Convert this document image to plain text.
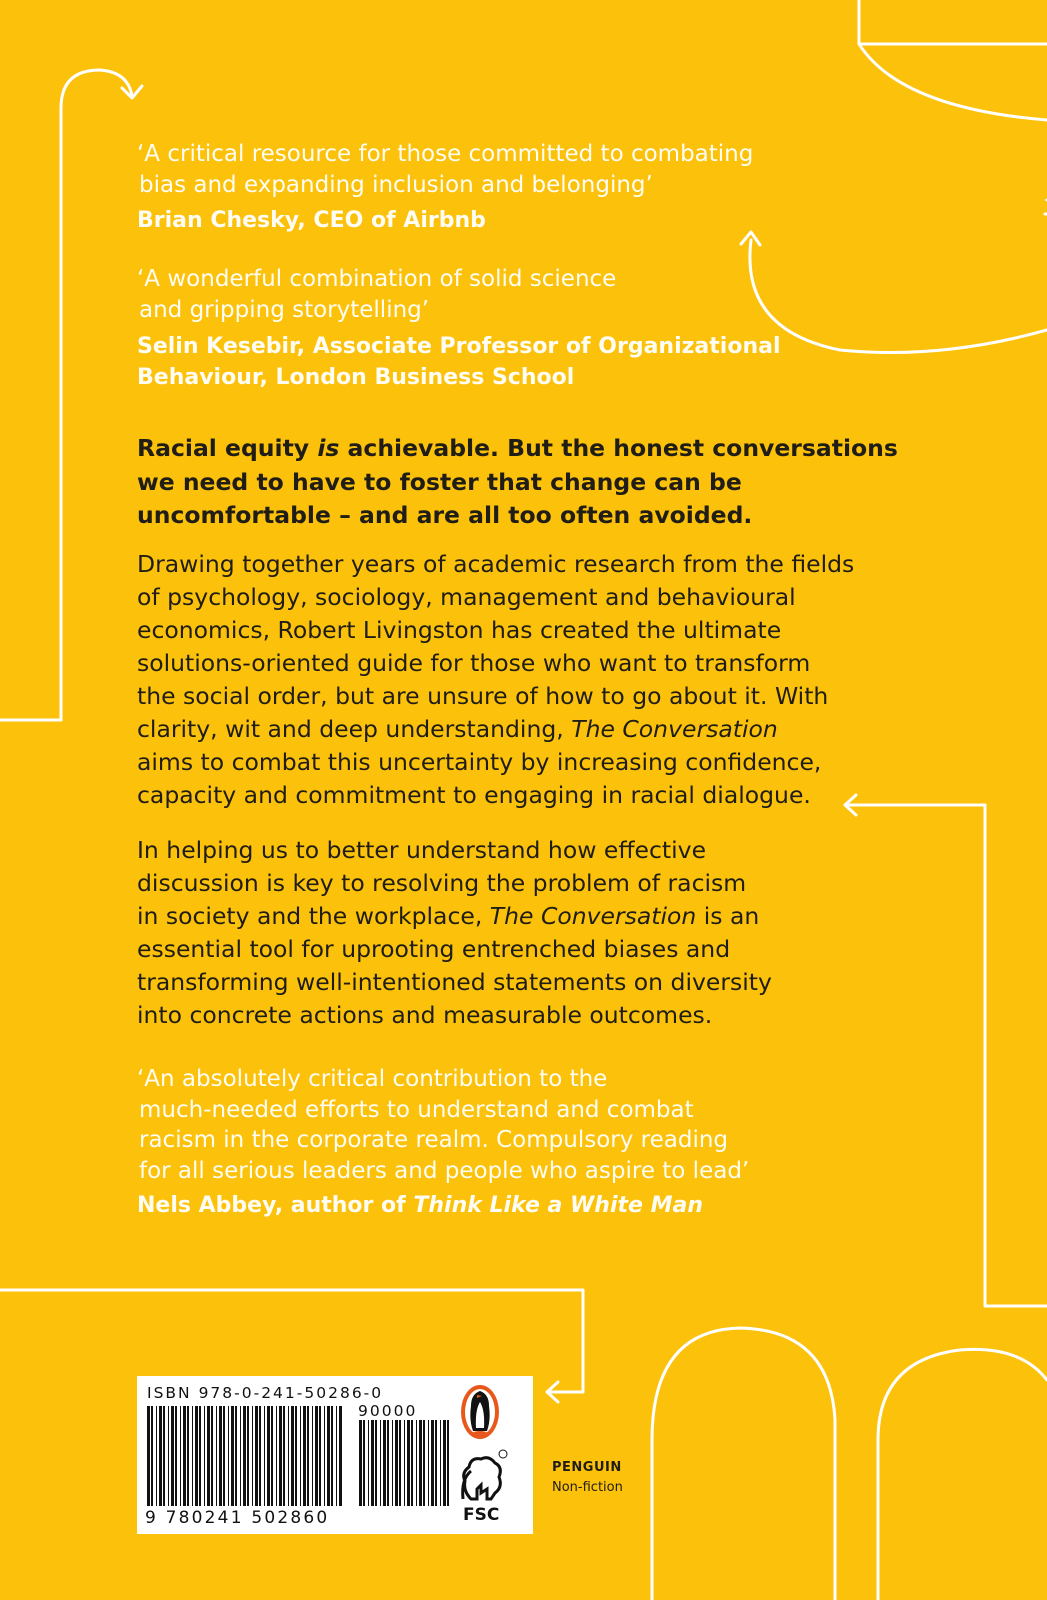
‘A critical resource for those committed to combating
bias and expanding inclusion and belonging’
Brian Chesky, CEO of Airbnb
‘A wonderful combination of solid science
and gripping storytelling’
Selin Kesebir, Associate Professor of Organizational
Behaviour, London Business School
Racial equity is achievable. But the honest conversations
we need to have to foster that change can be
uncomfortable – and are all too often avoided.
Drawing together years of academic research from the fields
of psychology, sociology, management and behavioural
economics, Robert Livingston has created the ultimate
solutions-oriented guide for those who want to transform
the social order, but are unsure of how to go about it. With
clarity, wit and deep understanding, The Conversation
aims to combat this uncertainty by increasing confidence,
capacity and commitment to engaging in racial dialogue.
In helping us to better understand how effective
discussion is key to resolving the problem of racism
in society and the workplace, The Conversation is an
essential tool for uprooting entrenched biases and
transforming well-intentioned statements on diversity
into concrete actions and measurable outcomes.
‘An absolutely critical contribution to the
much-needed efforts to understand and combat
racism in the corporate realm. Compulsory reading
for all serious leaders and people who aspire to lead’
Nels Abbey, author of Think Like a White Man
ISBN 978-0-241-50286-0
90000
9 780241 502860	FSC
PENGUIN
Non-fiction
